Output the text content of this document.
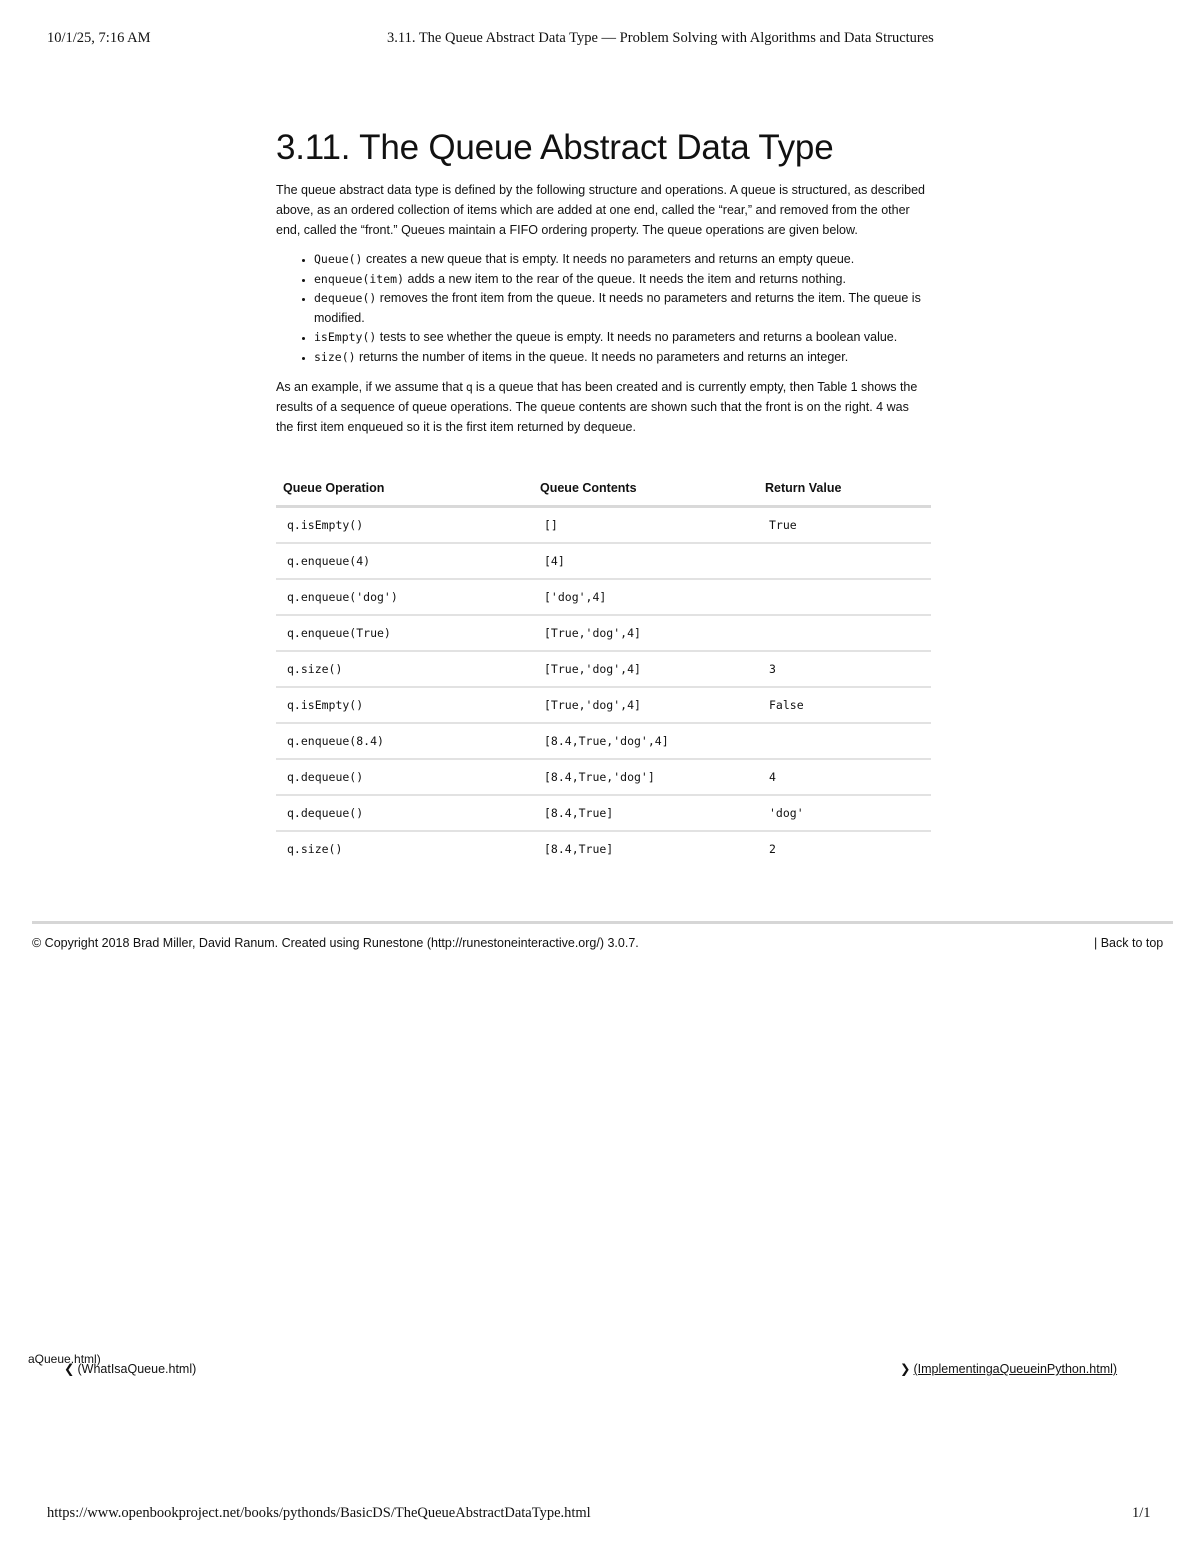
10/1/25, 7:16 AM	3.11. The Queue Abstract Data Type — Problem Solving with Algorithms and Data Structures
3.11. The Queue Abstract Data Type

The queue abstract data type is defined by the following structure and operations. A queue is structured, as described above, as an ordered collection of items which are added at one end, called the “rear,” and removed from the other end, called the “front.” Queues maintain a FIFO ordering property. The queue operations are given below.

• Queue() creates a new queue that is empty. It needs no parameters and returns an empty queue.
• enqueue(item) adds a new item to the rear of the queue. It needs the item and returns nothing.
• dequeue() removes the front item from the queue. It needs no parameters and returns the item. The queue is modified.
• isEmpty() tests to see whether the queue is empty. It needs no parameters and returns a boolean value.
• size() returns the number of items in the queue. It needs no parameters and returns an integer.

As an example, if we assume that q is a queue that has been created and is currently empty, then Table 1 shows the results of a sequence of queue operations. The queue contents are shown such that the front is on the right. 4 was the first item enqueued so it is the first item returned by dequeue.

Queue Operation	Queue Contents	Return Value
q.isEmpty()	[]	True
q.enqueue(4)	[4]	
q.enqueue('dog')	['dog',4]	
q.enqueue(True)	[True,'dog',4]	
q.size()	[True,'dog',4]	3
q.isEmpty()	[True,'dog',4]	False
q.enqueue(8.4)	[8.4,True,'dog',4]	
q.dequeue()	[8.4,True,'dog']	4
q.dequeue()	[8.4,True]	'dog'
q.size()	[8.4,True]	2
© Copyright 2018 Brad Miller, David Ranum. Created using Runestone (http://runestoneinteractive.org/) 3.0.7.	| Back to top
aQueue.html)
❮ (WhatIsaQueue.html)	❯ (ImplementingaQueueinPython.html)
https://www.openbookproject.net/books/pythonds/BasicDS/TheQueueAbstractDataType.html	1/1
